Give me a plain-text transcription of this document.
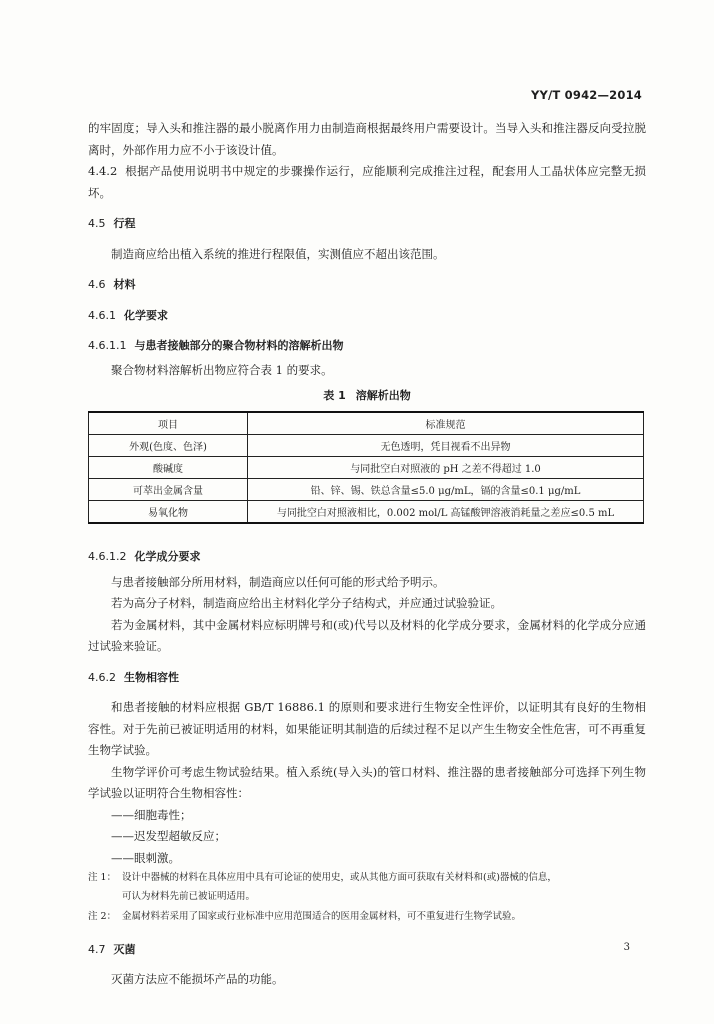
YY/T 0942—2014

的牢固度；导入头和推注器的最小脱离作用力由制造商根据最终用户需要设计。当导入头和推注器反向受拉脱离时，外部作用力应不小于该设计值。

4.4.2 根据产品使用说明书中规定的步骤操作运行，应能顺利完成推注过程，配套用人工晶状体应完整无损坏。

4.5 行程

制造商应给出植入系统的推进行程限值，实测值应不超出该范围。

4.6 材料
4.6.1 化学要求
4.6.1.1 与患者接触部分的聚合物材料的溶解析出物

聚合物材料溶解析出物应符合表 1 的要求。

表 1 溶解析出物
项目	标准规范
外观(色度、色泽)	无色透明，凭目视看不出异物
酸碱度	与同批空白对照液的 pH 之差不得超过 1.0
可萃出金属含量	铅、锌、锡、铁总含量≤5.0 μg/mL，镉的含量≤0.1 μg/mL
易氧化物	与同批空白对照液相比，0.002 mol/L 高锰酸钾溶液消耗量之差应≤0.5 mL
4.6.1.2 化学成分要求

与患者接触部分所用材料，制造商应以任何可能的形式给予明示。

若为高分子材料，制造商应给出主材料化学分子结构式，并应通过试验验证。

若为金属材料，其中金属材料应标明牌号和(或)代号以及材料的化学成分要求，金属材料的化学成分应通过试验来验证。

4.6.2 生物相容性

和患者接触的材料应根据 GB/T 16886.1 的原则和要求进行生物安全性评价，以证明其有良好的生物相容性。对于先前已被证明适用的材料，如果能证明其制造的后续过程不足以产生生物安全性危害，可不再重复生物学试验。

生物学评价可考虑生物试验结果。植入系统(导入头)的管口材料、推注器的患者接触部分可选择下列生物学试验以证明符合生物相容性：

——细胞毒性；

——迟发型超敏反应；

——眼刺激。

注 1： 设计中器械的材料在具体应用中具有可论证的使用史，或从其他方面可获取有关材料和(或)器械的信息，
可认为材料先前已被证明适用。
注 2： 金属材料若采用了国家或行业标准中应用范围适合的医用金属材料，可不重复进行生物学试验。
4.7 灭菌

灭菌方法应不能损坏产品的功能。

3
